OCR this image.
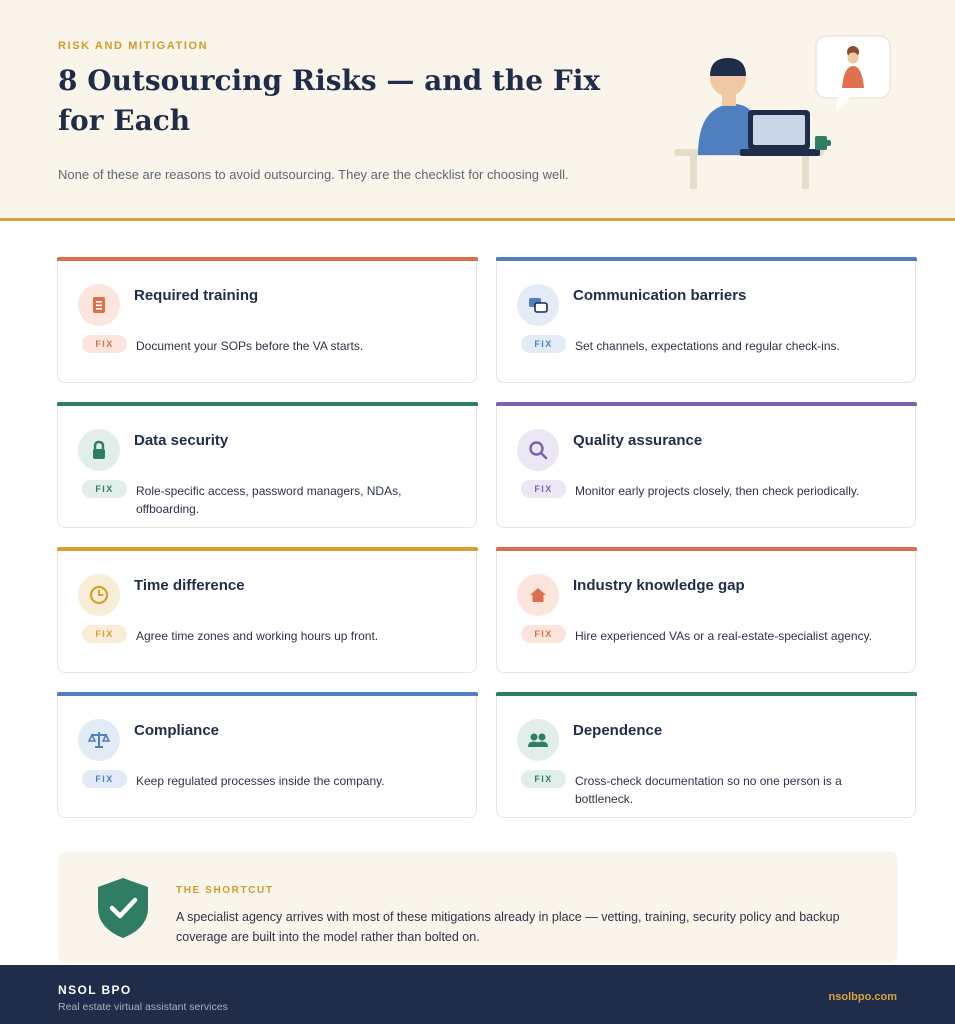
RISK AND MITIGATION
8 Outsourcing Risks — and the Fix for Each
None of these are reasons to avoid outsourcing. They are the checklist for choosing well.
Required training
FIX	Document your SOPs before the VA starts.
Communication barriers
FIX	Set channels, expectations and regular check-ins.
Data security
FIX	Role-specific access, password managers, NDAs, offboarding.
Quality assurance
FIX	Monitor early projects closely, then check periodically.
Time difference
FIX	Agree time zones and working hours up front.
Industry knowledge gap
FIX	Hire experienced VAs or a real-estate-specialist agency.
Compliance
FIX	Keep regulated processes inside the company.
Dependence
FIX	Cross-check documentation so no one person is a bottleneck.
THE SHORTCUT
A specialist agency arrives with most of these mitigations already in place — vetting, training, security policy and backup coverage are built into the model rather than bolted on.
NSOL BPO
Real estate virtual assistant services
nsolbpo.com
